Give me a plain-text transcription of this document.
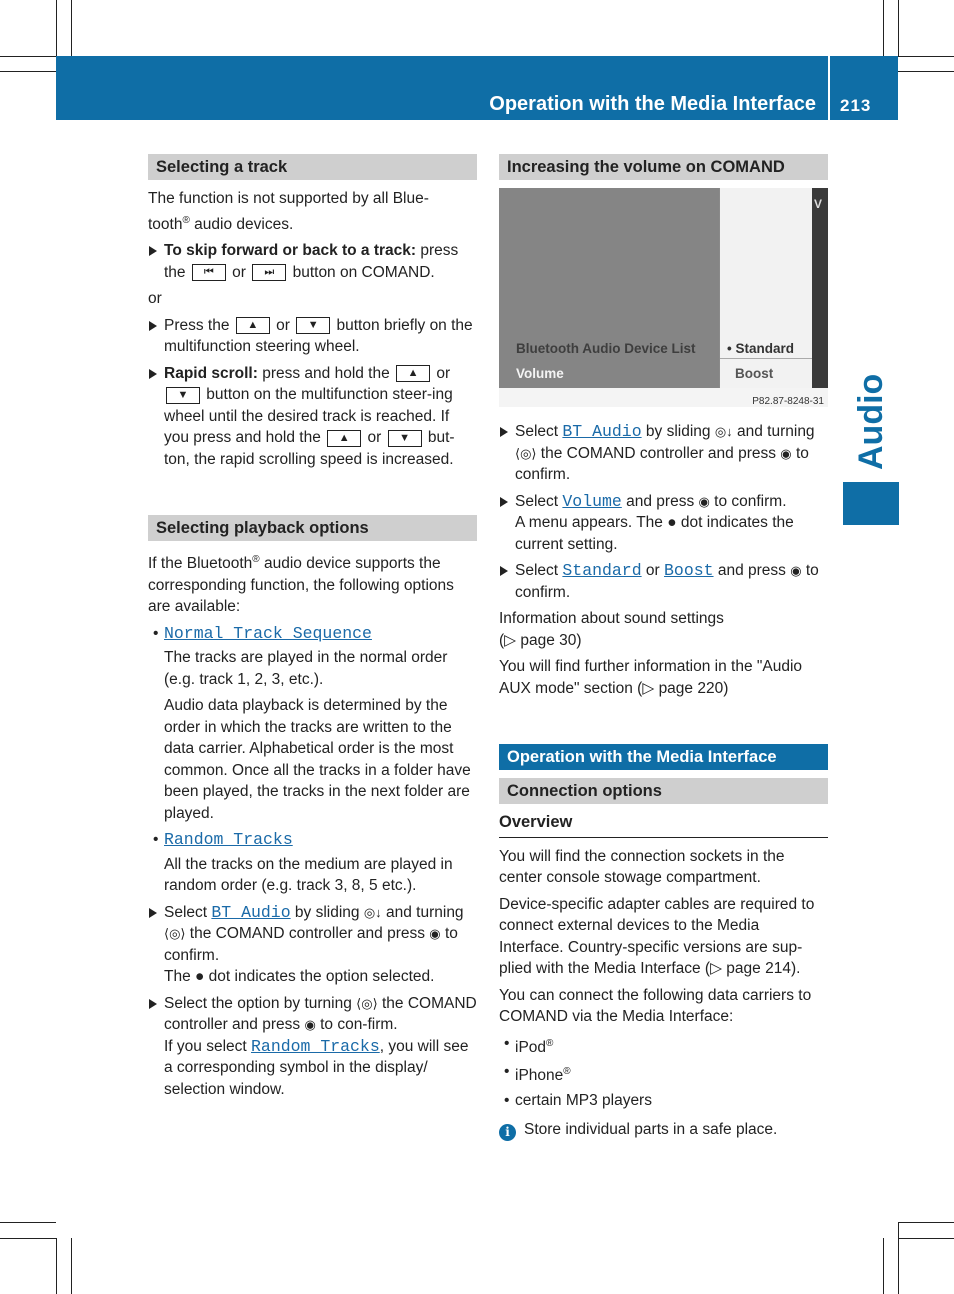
Operation with the Media Interface 213
Audio
Selecting a track

The function is not supported by all Blue-
tooth® audio devices.

To skip forward or back to a track: press the ⏮ or ⏭ button on COMAND.

or

Press the ▲ or ▼ button briefly on the multifunction steering wheel.
Rapid scroll: press and hold the ▲ or ▼ button on the multifunction steer-ing wheel until the desired track is reached. If you press and hold the ▲ or ▼ but-ton, the rapid scrolling speed is increased.
Selecting playback options

If the Bluetooth® audio device supports the corresponding function, the following options are available:

• Normal Track Sequence

The tracks are played in the normal order (e.g. track 1, 2, 3, etc.).

Audio data playback is determined by the order in which the tracks are written to the data carrier. Alphabetical order is the most common. Once all the tracks in a folder have been played, the tracks in the next folder are played.

• Random Tracks

All the tracks on the medium are played in random order (e.g. track 3, 8, 5 etc.).

Select BT Audio by sliding ◎↓ and turning ⟨◎⟩ the COMAND controller and press ◉ to confirm.
The ● dot indicates the option selected.
Select the option by turning ⟨◎⟩ the COMAND controller and press ◉ to con-firm.
If you select Random Tracks, you will see a corresponding symbol in the display/ selection window.
Increasing the volume on COMAND
V
Bluetooth Audio Device List
Volume
• Standard
Boost
P82.87-8248-31
Select BT Audio by sliding ◎↓ and turning ⟨◎⟩ the COMAND controller and press ◉ to confirm.
Select Volume and press ◉ to confirm.
A menu appears. The ● dot indicates the current setting.
Select Standard or Boost and press ◉ to confirm.

Information about sound settings
(▷ page 30)

You will find further information in the "Audio AUX mode" section (▷ page 220)

Operation with the Media Interface
Connection options
Overview

You will find the connection sockets in the center console stowage compartment.

Device-specific adapter cables are required to connect external devices to the Media Interface. Country-specific versions are sup-plied with the Media Interface (▷ page 214).

You can connect the following data carriers to COMAND via the Media Interface:

• iPod®
• iPhone®
• certain MP3 players

i Store individual parts in a safe place.
